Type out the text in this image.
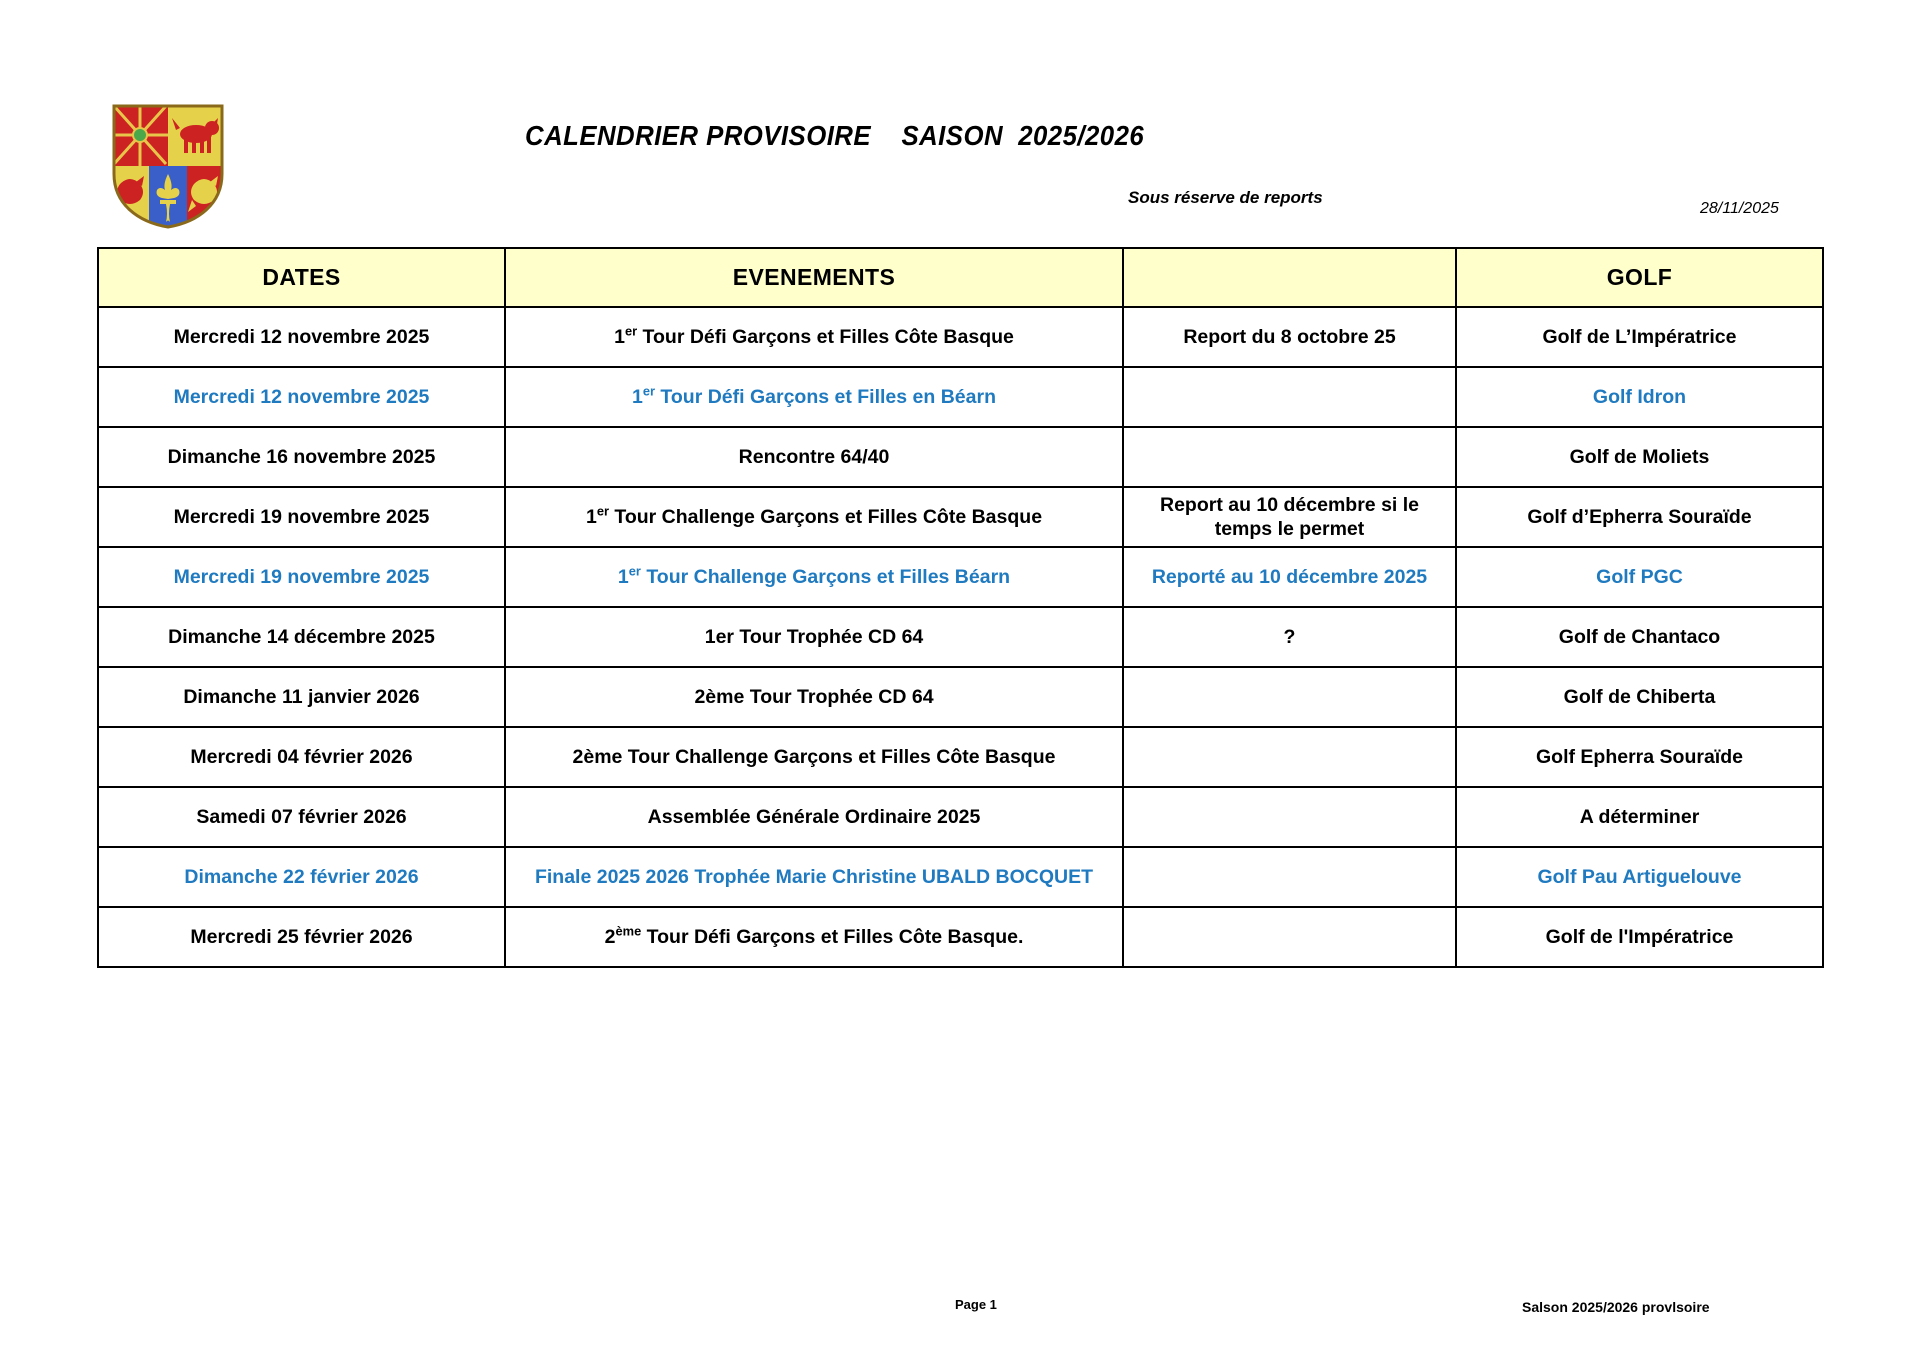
CALENDRIER PROVISOIRE    SAISON  2025/2026
Sous réserve de reports
28/11/2025
DATES	EVENEMENTS		GOLF
Mercredi 12 novembre 2025	1er Tour Défi Garçons et Filles Côte Basque	Report du 8 octobre 25	Golf de L’Impératrice
Mercredi 12 novembre 2025	1er Tour Défi Garçons et Filles en Béarn		Golf Idron
Dimanche 16 novembre 2025	Rencontre 64/40		Golf de Moliets
Mercredi 19 novembre 2025	1er Tour Challenge Garçons et Filles Côte Basque	Report au 10 décembre si le temps le permet	Golf d’Epherra Souraïde
Mercredi 19 novembre 2025	1er Tour Challenge Garçons et Filles Béarn	Reporté au 10 décembre 2025	Golf PGC
Dimanche 14 décembre 2025	1er Tour Trophée CD 64	?	Golf de Chantaco
Dimanche 11 janvier 2026	2ème Tour Trophée CD 64		Golf de Chiberta
Mercredi 04 février 2026	2ème Tour Challenge Garçons et Filles Côte Basque		Golf Epherra Souraïde
Samedi 07 février 2026	Assemblée Générale Ordinaire 2025		A déterminer
Dimanche 22 février 2026	Finale 2025 2026 Trophée Marie Christine UBALD BOCQUET		Golf Pau Artiguelouve
Mercredi 25 février 2026	2ème Tour Défi Garçons et Filles Côte Basque.		Golf de l'Impératrice
Page 1	Salson 2025/2026 provlsoire
